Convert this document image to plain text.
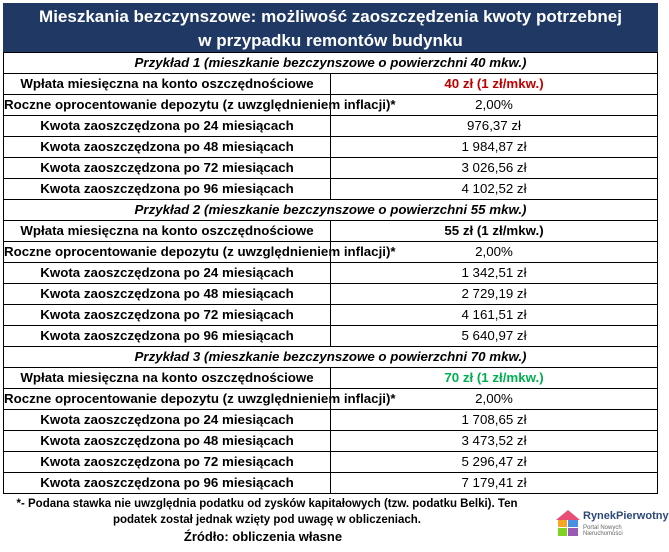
Mieszkania bezczynszowe: możliwość zaoszczędzenia kwoty potrzebnej
w przypadku remontów budynku
Przykład 1 (mieszkanie bezczynszowe o powierzchni 40 mkw.)	
Wpłata miesięczna na konto oszczędnościowe	40 zł (1 zł/mkw.)
Roczne oprocentowanie depozytu (z uwzględnieniem inflacji)*	2,00%
Kwota zaoszczędzona po 24 miesiącach	976,37 zł
Kwota zaoszczędzona po 48 miesiącach	1 984,87 zł
Kwota zaoszczędzona po 72 miesiącach	3 026,56 zł
Kwota zaoszczędzona po 96 miesiącach	4 102,52 zł
Przykład 2 (mieszkanie bezczynszowe o powierzchni 55 mkw.)	
Wpłata miesięczna na konto oszczędnościowe	55 zł (1 zł/mkw.)
Roczne oprocentowanie depozytu (z uwzględnieniem inflacji)*	2,00%
Kwota zaoszczędzona po 24 miesiącach	1 342,51 zł
Kwota zaoszczędzona po 48 miesiącach	2 729,19 zł
Kwota zaoszczędzona po 72 miesiącach	4 161,51 zł
Kwota zaoszczędzona po 96 miesiącach	5 640,97 zł
Przykład 3 (mieszkanie bezczynszowe o powierzchni 70 mkw.)	
Wpłata miesięczna na konto oszczędnościowe	70 zł (1 zł/mkw.)
Roczne oprocentowanie depozytu (z uwzględnieniem inflacji)*	2,00%
Kwota zaoszczędzona po 24 miesiącach	1 708,65 zł
Kwota zaoszczędzona po 48 miesiącach	3 473,52 zł
Kwota zaoszczędzona po 72 miesiącach	5 296,47 zł
Kwota zaoszczędzona po 96 miesiącach	7 179,41 zł
*- Podana stawka nie uwzględnia podatku od zysków kapitałowych (tzw. podatku Belki). Ten podatek został jednak wzięty pod uwagę w obliczeniach.
Źródło: obliczenia własne
RynekPierwotny
Portal Nowych Nieruchomości
